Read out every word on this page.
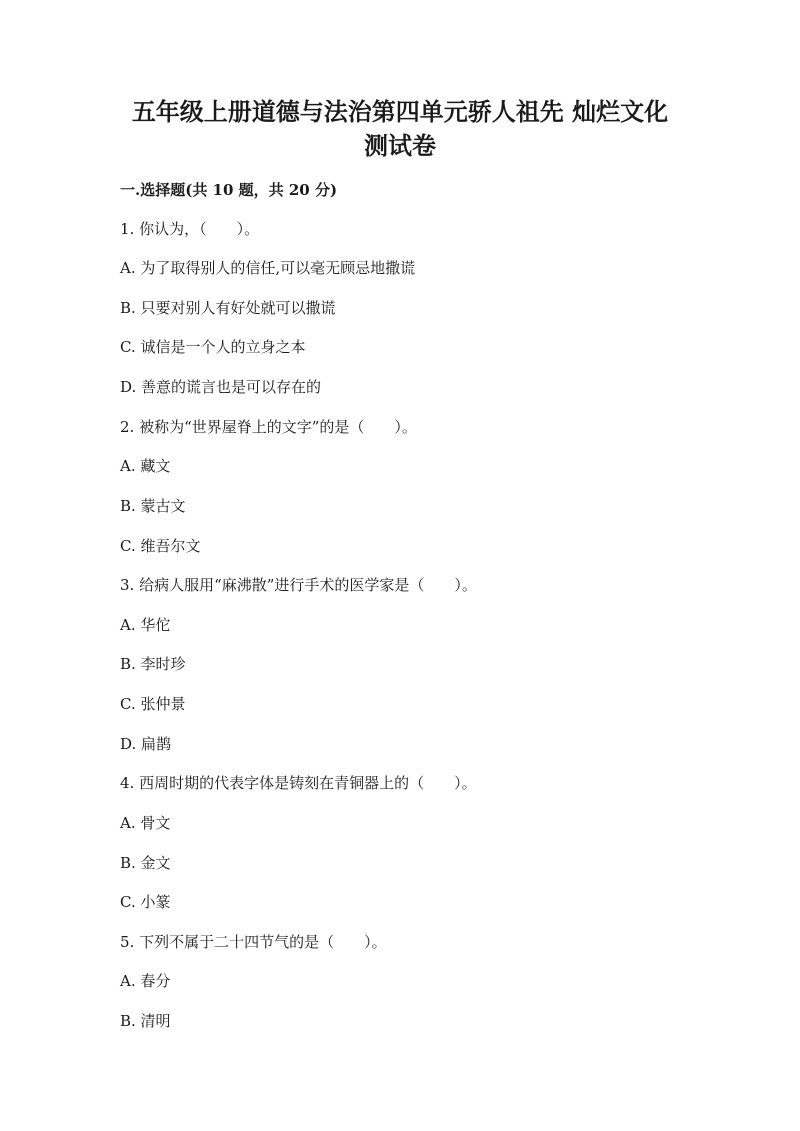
五年级上册道德与法治第四单元骄人祖先 灿烂文化
测试卷
一.选择题(共 10 题，共 20 分)
1. 你认为，（　　）。
A. 为了取得别人的信任,可以毫无顾忌地撒谎
B. 只要对别人有好处就可以撒谎
C. 诚信是一个人的立身之本
D. 善意的谎言也是可以存在的
2. 被称为“世界屋脊上的文字”的是（　　）。
A. 藏文
B. 蒙古文
C. 维吾尔文
3. 给病人服用“麻沸散”进行手术的医学家是（　　）。
A. 华佗
B. 李时珍
C. 张仲景
D. 扁鹊
4. 西周时期的代表字体是铸刻在青铜器上的（　　）。
A. 骨文
B. 金文
C. 小篆
5. 下列不属于二十四节气的是（　　）。
A. 春分
B. 清明
